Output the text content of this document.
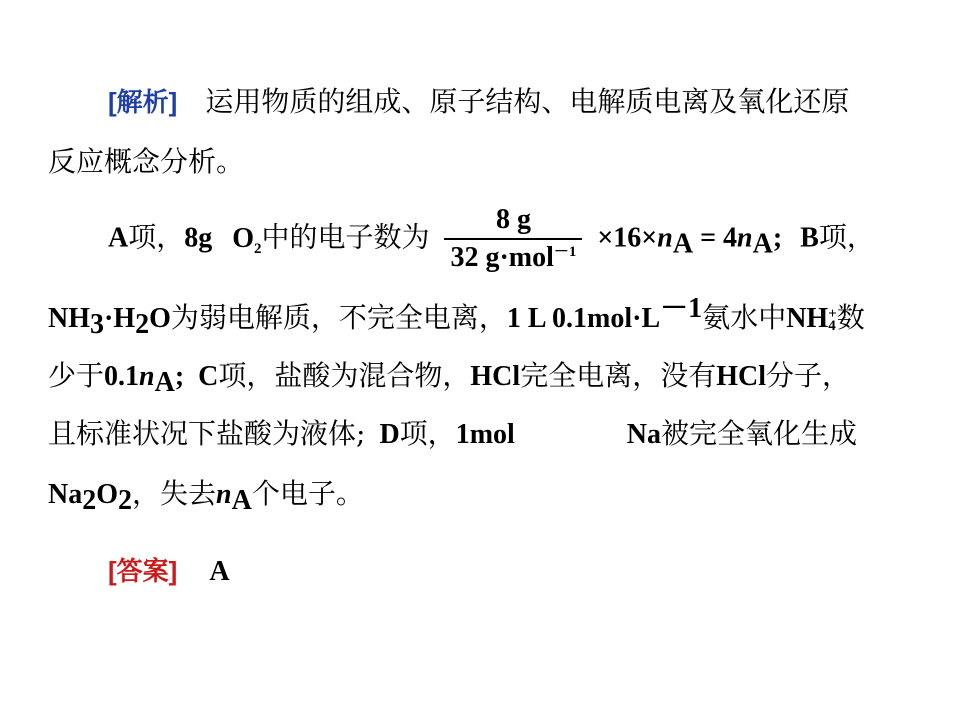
[解析] 运用物质的组成、原子结构、电解质电离及氧化还原
反应概念分析。
A项，8g $O_2$中的电子数为 $\frac{8 g}{32 g\cdot mol^{-1}} \times 16\times n_A = 4n_A$; B项，
$NH_3\cdot H_2O$为弱电解质，不完全电离，1 L $0.1mol\cdot L^{-1}$氨水中NH +
4 数
少于$0.1n_A$; C项，盐酸为混合物，HCl完全电离，没有HCl分子，
且标准状况下盐酸为液体; D项，1mol	Na被完全氧化生成
$Na_2O_2$，失去$n_A$个电子。
[答案] A
